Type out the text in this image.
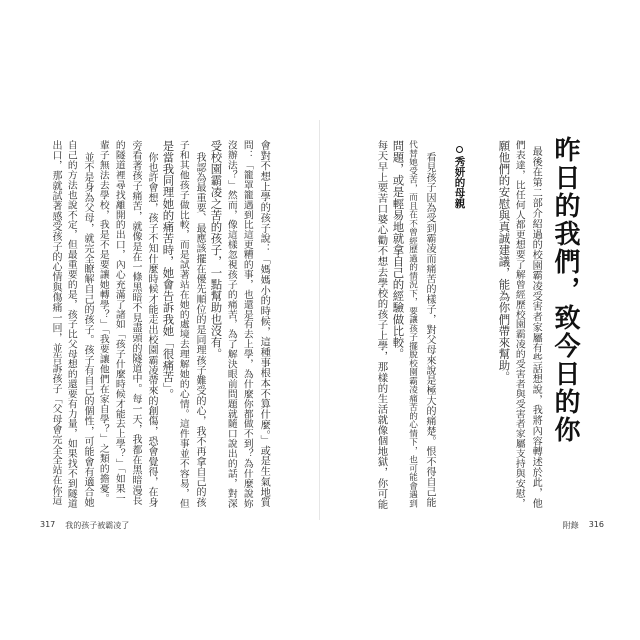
昨日的我們，致今日的你
最後在第二部介紹過的校園霸凌受害者家屬有些話想說，我將內容轉述於此，他
們表達，比任何人都更想要了解曾經歷校園霸凌的受害者與受害者家屬支持與安慰，
願他們的安慰與真誠建議，能為你們帶來幫助。
秀妍的母親
看見孩子因為受到霸凌而痛苦的樣子，對父母來說是極大的痛楚。恨不得自己能
代替她受苦，而且在不曾經歷過的情況下，要讓孩子擺脫校園霸凌痛苦的心情下，也可能會遇到
問題，或是輕易地就拿自己的經驗做比較。
每天早上要苦口婆心勸不想去學校的孩子上學，那樣的生活就像個地獄，你可能
會對不想上學的孩子說：「媽媽小的時候，這種事根本不算什麼。」或是生氣地質
問：「籠罩籠遇到比這更糟的事，也還是有去上學，為什麼你都做不到？為什麼說妳
沒辦法？」然而，像這樣忽視孩子的痛苦，為了解決眼前問題就隨口說出的話，對深
受校園霸凌之苦的孩子，一點幫助也沒有。
我認為最重要、最應該擺在優先順位的是同理孩子難受的心，我不再拿自己的孩
子和其他孩子做比較，而是試著站在她的處境去理解她的心情。這件事並不容易，但
是當我同理她的痛苦時，她會告訴我她「很痛苦」。
你也許會想，孩子不知什麼時候才能走出校園霸凌帶來的創傷，恐會覺得，在身
旁看著孩子痛苦，就像是在一條黑暗不見盡頭的隧道中。每一天，我都在黑暗漫長
的隧道裡尋找離開的出口，內心充滿了諸如「孩子什麼時候才能去上學？」「如果一
輩子無法去學校，我是不是要讓她轉學？」「我要讓他們在家自學？」之類的擔憂。
並不是身為父母，就完全瞭解自己的孩子。孩子有自己的個性，可能會有適合她
自己的方法也說不定，但最重要的是，孩子比父母想的還要有力量，如果找不到隧道
出口，那就試著感受孩子的心情與傷痛一回，並告訴孩子「父母會完全全站在你這
317 我的孩子被霸凌了	附錄 316
